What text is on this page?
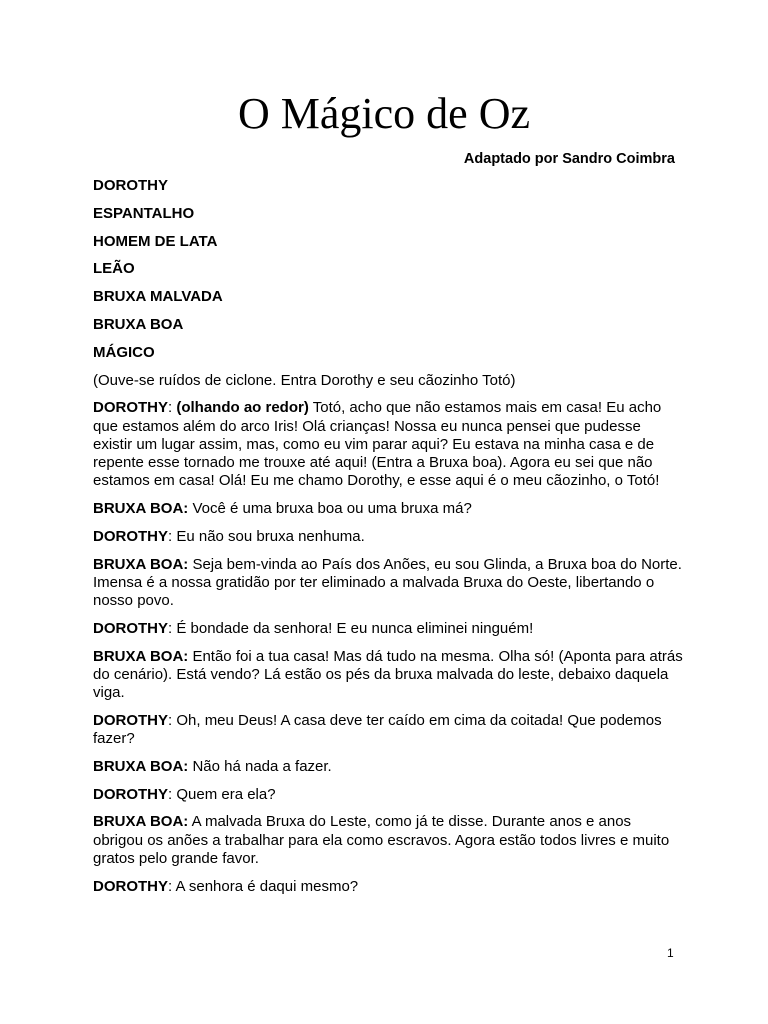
O Mágico de Oz
Adaptado por Sandro Coimbra

DOROTHY

ESPANTALHO

HOMEM DE LATA

LEÃO

BRUXA MALVADA

BRUXA BOA

MÁGICO

(Ouve-se ruídos de ciclone. Entra Dorothy e seu cãozinho Totó)

DOROTHY: (olhando ao redor) Totó, acho que não estamos mais em casa! Eu acho que estamos além do arco Iris! Olá crianças! Nossa eu nunca pensei que pudesse existir um lugar assim, mas, como eu vim parar aqui? Eu estava na minha casa e de repente esse tornado me trouxe até aqui! (Entra a Bruxa boa). Agora eu sei que não estamos em casa! Olá! Eu me chamo Dorothy, e esse aqui é o meu cãozinho, o Totó!

BRUXA BOA: Você é uma bruxa boa ou uma bruxa má?

DOROTHY: Eu não sou bruxa nenhuma.

BRUXA BOA: Seja bem-vinda ao País dos Anões, eu sou Glinda, a Bruxa boa do Norte. Imensa é a nossa gratidão por ter eliminado a malvada Bruxa do Oeste, libertando o nosso povo.

DOROTHY: É bondade da senhora! E eu nunca eliminei ninguém!

BRUXA BOA: Então foi a tua casa! Mas dá tudo na mesma. Olha só! (Aponta para atrás do cenário). Está vendo? Lá estão os pés da bruxa malvada do leste, debaixo daquela viga.

DOROTHY: Oh, meu Deus! A casa deve ter caído em cima da coitada! Que podemos fazer?

BRUXA BOA: Não há nada a fazer.

DOROTHY: Quem era ela?

BRUXA BOA: A malvada Bruxa do Leste, como já te disse. Durante anos e anos obrigou os anões a trabalhar para ela como escravos. Agora estão todos livres e muito gratos pelo grande favor.

DOROTHY: A senhora é daqui mesmo?

1
